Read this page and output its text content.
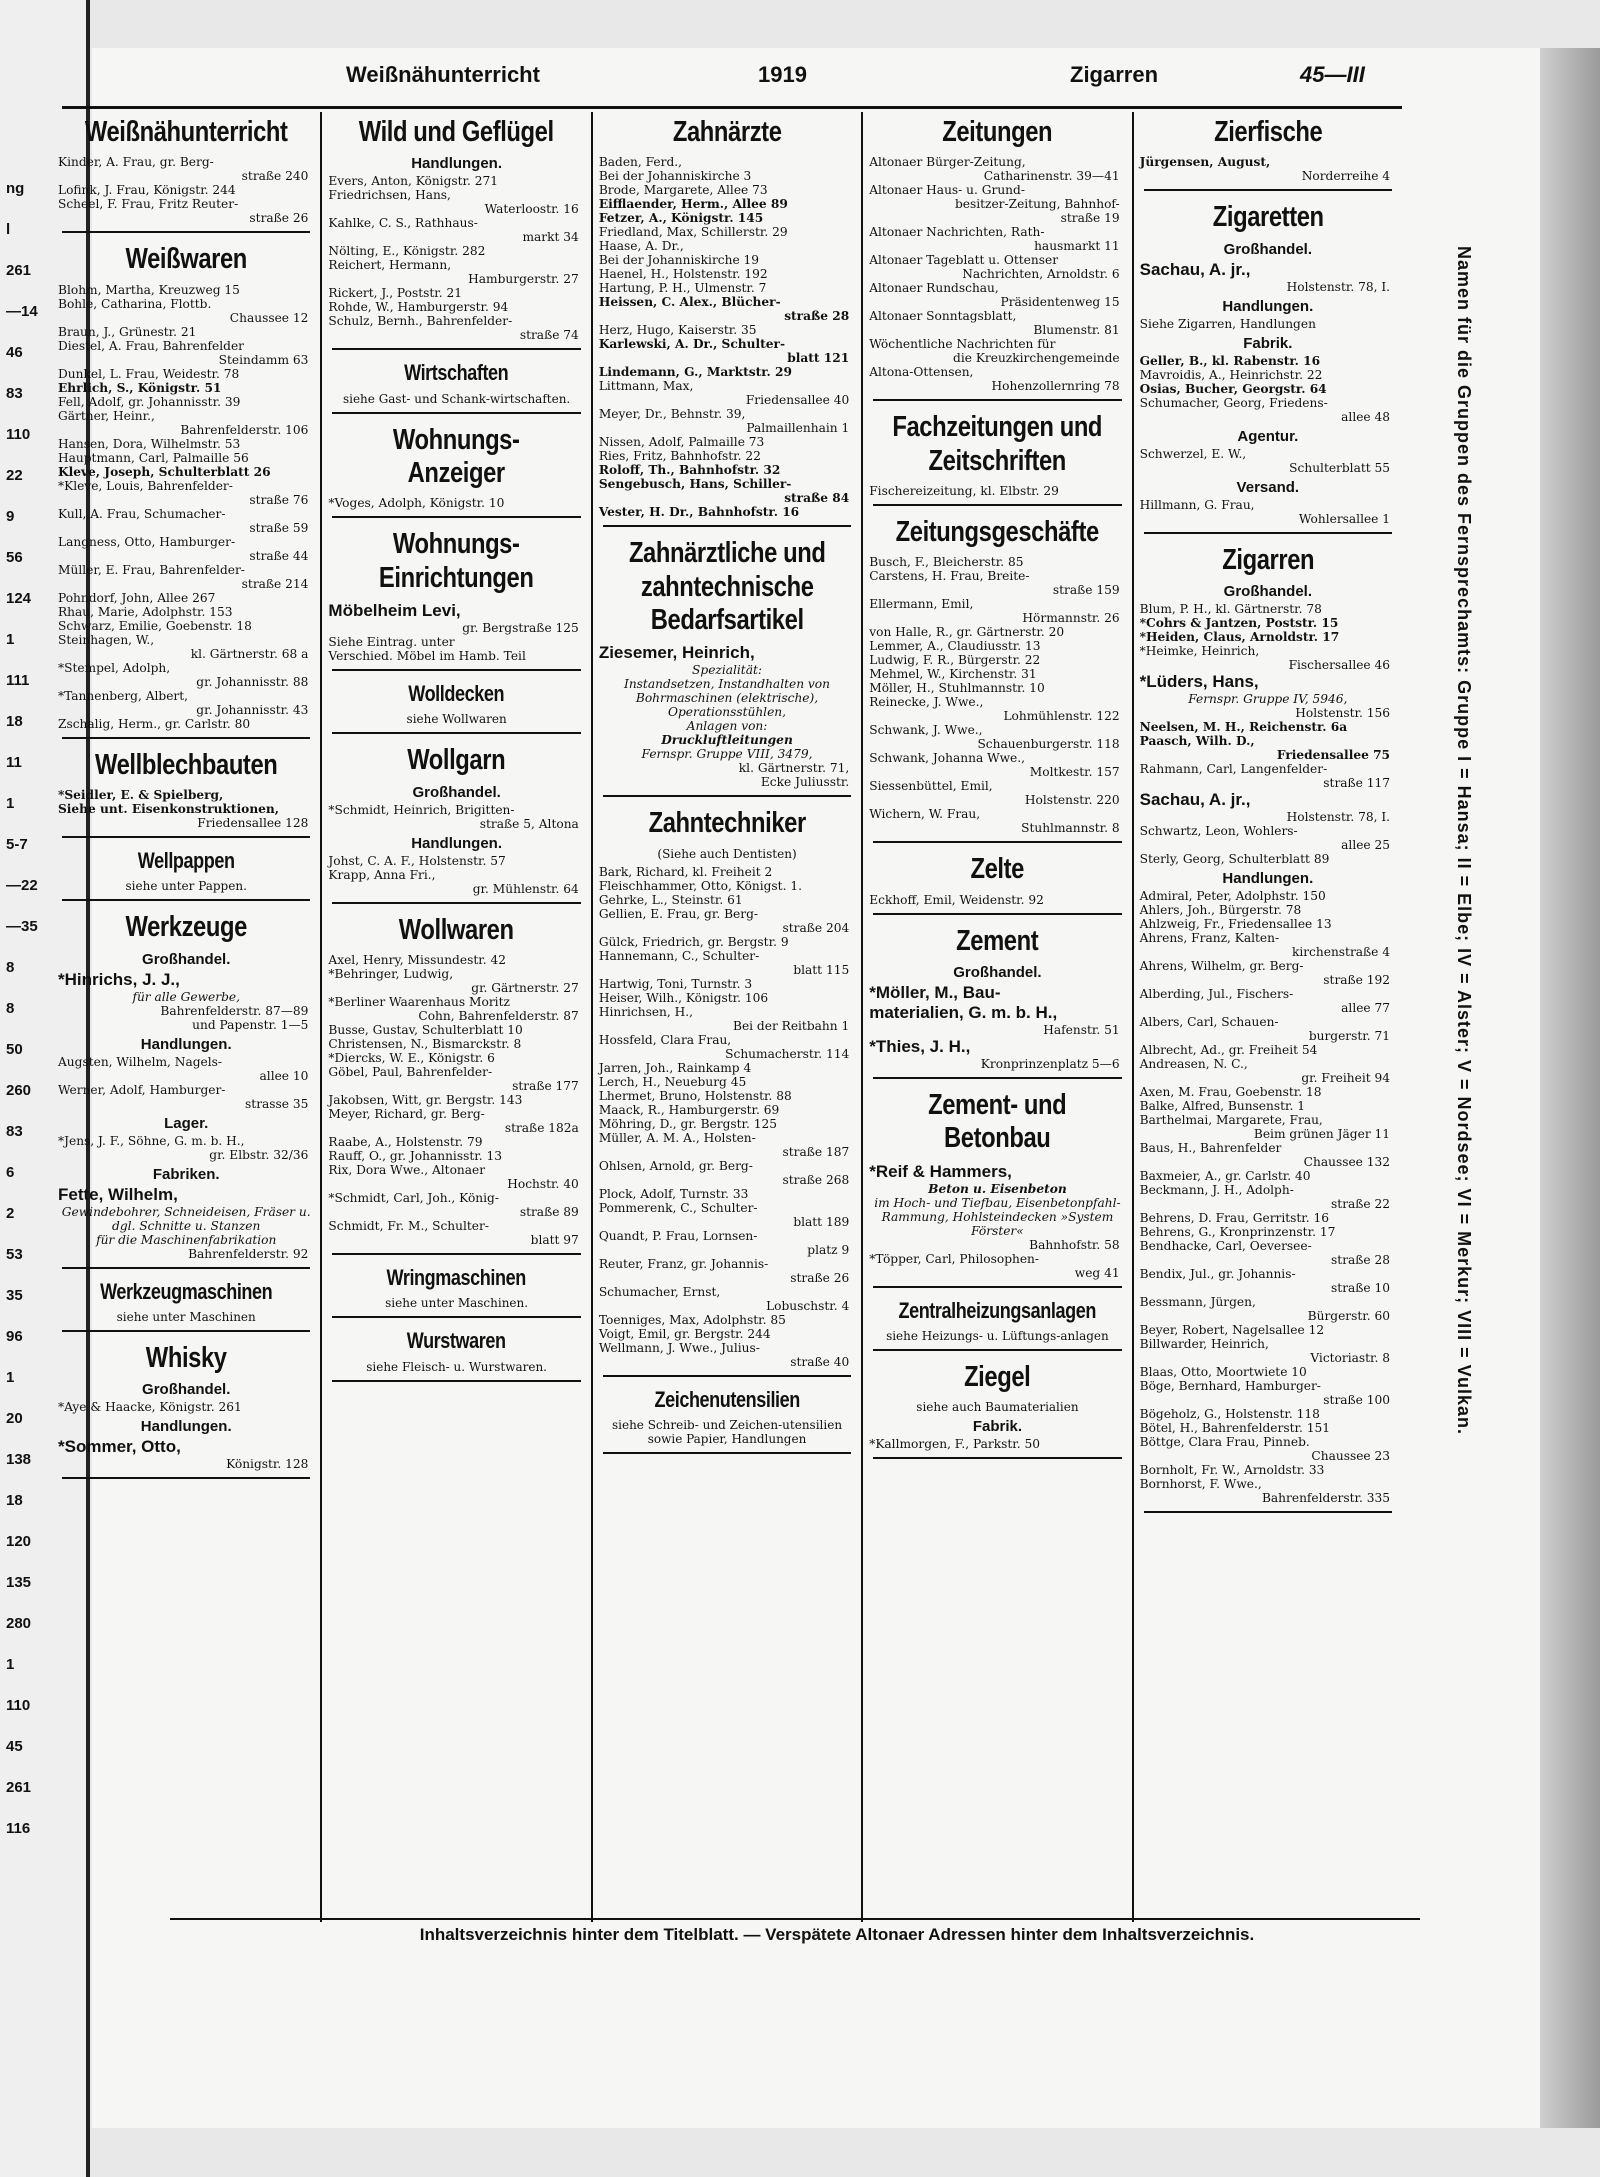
ng
l
261
—14
46
83
110
22
9
56
124
1
111
18
11
1
5-7
—22
—35
8
8
50
260
83
6
2
53
35
96
1
20
138
18
120
135
280
1
110
45
261
116
Weißnähunterricht	1919	Zigarren	45—III
Weißnähunterricht

Kinder, A. Frau, gr. Berg-
straße 240

Lofink, J. Frau, Königstr. 244

Scheel, F. Frau, Fritz Reuter-
straße 26

Weißwaren

Blohm, Martha, Kreuzweg 15

Bohle, Catharina, Flottb.
Chaussee 12

Braun, J., Grünestr. 21

Diestel, A. Frau, Bahrenfelder
Steindamm 63

Dunkel, L. Frau, Weidestr. 78

Ehrlich, S., Königstr. 51

Fell, Adolf, gr. Johannisstr. 39

Gärtner, Heinr.,
Bahrenfelderstr. 106

Hansen, Dora, Wilhelmstr. 53

Hauptmann, Carl, Palmaille 56

Kleve, Joseph, Schulterblatt 26

*Kleve, Louis, Bahrenfelder-
straße 76

Kull, A. Frau, Schumacher-
straße 59

Langness, Otto, Hamburger-
straße 44

Müller, E. Frau, Bahrenfelder-
straße 214

Pohndorf, John, Allee 267

Rhau, Marie, Adolphstr. 153

Schwarz, Emilie, Goebenstr. 18

Steinhagen, W.,
kl. Gärtnerstr. 68 a

*Stempel, Adolph,
gr. Johannisstr. 88

*Tannenberg, Albert,
gr. Johannisstr. 43

Zschalig, Herm., gr. Carlstr. 80

Wellblechbauten

*Seidler, E. & Spielberg,

Siehe unt. Eisenkonstruktionen,

Friedensallee 128

Wellpappen
siehe unter Pappen.
Werkzeuge
Großhandel.

*Hinrichs, J. J.,

für alle Gewerbe,

Bahrenfelderstr. 87—89

und Papenstr. 1—5

Handlungen.

Augsten, Wilhelm, Nagels-
allee 10

Werner, Adolf, Hamburger-
strasse 35

Lager.

*Jens, J. F., Söhne, G. m. b. H.,
gr. Elbstr. 32/36

Fabriken.

Fette, Wilhelm,

Gewindebohrer, Schneideisen, Fräser u. dgl. Schnitte u. Stanzen

für die Maschinenfabrikation

Bahrenfelderstr. 92

Werkzeugmaschinen
siehe unter Maschinen
Whisky
Großhandel.

*Aye & Haacke, Königstr. 261

Handlungen.

*Sommer, Otto,

Königstr. 128

Wild und Geflügel
Handlungen.

Evers, Anton, Königstr. 271

Friedrichsen, Hans,
Waterloostr. 16

Kahlke, C. S., Rathhaus-
markt 34

Nölting, E., Königstr. 282

Reichert, Hermann,
Hamburgerstr. 27

Rickert, J., Poststr. 21

Rohde, W., Hamburgerstr. 94

Schulz, Bernh., Bahrenfelder-
straße 74

Wirtschaften
siehe Gast- und Schank-wirtschaften.
Wohnungs-Anzeiger

*Voges, Adolph, Königstr. 10

Wohnungs-Einrichtungen

Möbelheim Levi,

gr. Bergstraße 125

Siehe Eintrag. unter

Verschied. Möbel im Hamb. Teil

Wolldecken
siehe Wollwaren
Wollgarn
Großhandel.

*Schmidt, Heinrich, Brigitten-
straße 5, Altona

Handlungen.

Johst, C. A. F., Holstenstr. 57

Krapp, Anna Fri.,
gr. Mühlenstr. 64

Wollwaren

Axel, Henry, Missundestr. 42

*Behringer, Ludwig,
gr. Gärtnerstr. 27

*Berliner Waarenhaus Moritz
Cohn, Bahrenfelderstr. 87

Busse, Gustav, Schulterblatt 10

Christensen, N., Bismarckstr. 8

*Diercks, W. E., Königstr. 6

Göbel, Paul, Bahrenfelder-
straße 177

Jakobsen, Witt, gr. Bergstr. 143

Meyer, Richard, gr. Berg-
straße 182a

Raabe, A., Holstenstr. 79

Rauff, O., gr. Johannisstr. 13

Rix, Dora Wwe., Altonaer
Hochstr. 40

*Schmidt, Carl, Joh., König-
straße 89

Schmidt, Fr. M., Schulter-
blatt 97

Wringmaschinen
siehe unter Maschinen.
Wurstwaren
siehe Fleisch- u. Wurstwaren.
Zahnärzte

Baden, Ferd.,

Bei der Johanniskirche 3

Brode, Margarete, Allee 73

Eifflaender, Herm., Allee 89

Fetzer, A., Königstr. 145

Friedland, Max, Schillerstr. 29

Haase, A. Dr.,

Bei der Johanniskirche 19

Haenel, H., Holstenstr. 192

Hartung, P. H., Ulmenstr. 7

Heissen, C. Alex., Blücher-
straße 28

Herz, Hugo, Kaiserstr. 35

Karlewski, A. Dr., Schulter-
blatt 121

Lindemann, G., Marktstr. 29

Littmann, Max,
Friedensallee 40

Meyer, Dr., Behnstr. 39,
Palmaillenhain 1

Nissen, Adolf, Palmaille 73

Ries, Fritz, Bahnhofstr. 22

Roloff, Th., Bahnhofstr. 32

Sengebusch, Hans, Schiller-
straße 84

Vester, H. Dr., Bahnhofstr. 16

Zahnärztliche und zahntechnische Bedarfsartikel

Ziesemer, Heinrich,

Spezialität:

Instandsetzen, Instandhalten von Bohrmaschinen (elektrische), Operationsstühlen,

Anlagen von:

Druckluftleitungen

Fernspr. Gruppe VIII, 3479,

kl. Gärtnerstr. 71,

Ecke Juliusstr.

Zahntechniker
(Siehe auch Dentisten)

Bark, Richard, kl. Freiheit 2

Fleischhammer, Otto, Königst. 1.

Gehrke, L., Steinstr. 61

Gellien, E. Frau, gr. Berg-
straße 204

Gülck, Friedrich, gr. Bergstr. 9

Hannemann, C., Schulter-
blatt 115

Hartwig, Toni, Turnstr. 3

Heiser, Wilh., Königstr. 106

Hinrichsen, H.,
Bei der Reitbahn 1

Hossfeld, Clara Frau,
Schumacherstr. 114

Jarren, Joh., Rainkamp 4

Lerch, H., Neueburg 45

Lhermet, Bruno, Holstenstr. 88

Maack, R., Hamburgerstr. 69

Möhring, D., gr. Bergstr. 125

Müller, A. M. A., Holsten-
straße 187

Ohlsen, Arnold, gr. Berg-
straße 268

Plock, Adolf, Turnstr. 33

Pommerenk, C., Schulter-
blatt 189

Quandt, P. Frau, Lornsen-
platz 9

Reuter, Franz, gr. Johannis-
straße 26

Schumacher, Ernst,
Lobuschstr. 4

Toenniges, Max, Adolphstr. 85

Voigt, Emil, gr. Bergstr. 244

Wellmann, J. Wwe., Julius-
straße 40

Zeichenutensilien
siehe Schreib- und Zeichen-utensilien sowie Papier, Handlungen
Zeitungen

Altonaer Bürger-Zeitung,
Catharinenstr. 39—41

Altonaer Haus- u. Grund-
besitzer-Zeitung, Bahnhof-

straße 19

Altonaer Nachrichten, Rath-
hausmarkt 11

Altonaer Tageblatt u. Ottenser
Nachrichten, Arnoldstr. 6

Altonaer Rundschau,
Präsidentenweg 15

Altonaer Sonntagsblatt,
Blumenstr. 81

Wöchentliche Nachrichten für
die Kreuzkirchengemeinde

Altona-Ottensen,
Hohenzollernring 78

Fachzeitungen und Zeitschriften

Fischereizeitung, kl. Elbstr. 29

Zeitungsgeschäfte

Busch, F., Bleicherstr. 85

Carstens, H. Frau, Breite-
straße 159

Ellermann, Emil,
Hörmannstr. 26

von Halle, R., gr. Gärtnerstr. 20

Lemmer, A., Claudiusstr. 13

Ludwig, F. R., Bürgerstr. 22

Mehmel, W., Kirchenstr. 31

Möller, H., Stuhlmannstr. 10

Reinecke, J. Wwe.,
Lohmühlenstr. 122

Schwank, J. Wwe.,
Schauenburgerstr. 118

Schwank, Johanna Wwe.,
Moltkestr. 157

Siessenbüttel, Emil,
Holstenstr. 220

Wichern, W. Frau,
Stuhlmannstr. 8

Zelte

Eckhoff, Emil, Weidenstr. 92

Zement
Großhandel.

*Möller, M., Bau-

materialien, G. m. b. H.,

Hafenstr. 51

*Thies, J. H.,

Kronprinzenplatz 5—6

Zement- und Betonbau

*Reif & Hammers,

Beton u. Eisenbeton

im Hoch- und Tiefbau, Eisenbetonpfahl-Rammung, Hohlsteindecken »System Förster«

Bahnhofstr. 58

*Töpper, Carl, Philosophen-
weg 41

Zentralheizungsanlagen
siehe Heizungs- u. Lüftungs-anlagen
Ziegel
siehe auch Baumaterialien
Fabrik.

*Kallmorgen, F., Parkstr. 50

Zierfische

Jürgensen, August,

Norderreihe 4

Zigaretten
Großhandel.

Sachau, A. jr.,

Holstenstr. 78, I.

Handlungen.

Siehe Zigarren, Handlungen

Fabrik.

Geller, B., kl. Rabenstr. 16

Mavroidis, A., Heinrichstr. 22

Osias, Bucher, Georgstr. 64

Schumacher, Georg, Friedens-
allee 48

Agentur.

Schwerzel, E. W.,
Schulterblatt 55

Versand.

Hillmann, G. Frau,
Wohlersallee 1

Zigarren
Großhandel.

Blum, P. H., kl. Gärtnerstr. 78

*Cohrs & Jantzen, Poststr. 15

*Heiden, Claus, Arnoldstr. 17

*Heimke, Heinrich,
Fischersallee 46

*Lüders, Hans,

Fernspr. Gruppe IV, 5946,

Holstenstr. 156

Neelsen, M. H., Reichenstr. 6a

Paasch, Wilh. D.,
Friedensallee 75

Rahmann, Carl, Langenfelder-
straße 117

Sachau, A. jr.,

Holstenstr. 78, I.

Schwartz, Leon, Wohlers-
allee 25

Sterly, Georg, Schulterblatt 89

Handlungen.

Admiral, Peter, Adolphstr. 150

Ahlers, Joh., Bürgerstr. 78

Ahlzweig, Fr., Friedensallee 13

Ahrens, Franz, Kalten-
kirchenstraße 4

Ahrens, Wilhelm, gr. Berg-
straße 192

Alberding, Jul., Fischers-
allee 77

Albers, Carl, Schauen-
burgerstr. 71

Albrecht, Ad., gr. Freiheit 54

Andreasen, N. C.,
gr. Freiheit 94

Axen, M. Frau, Goebenstr. 18

Balke, Alfred, Bunsenstr. 1

Barthelmai, Margarete, Frau,
Beim grünen Jäger 11

Baus, H., Bahrenfelder
Chaussee 132

Baxmeier, A., gr. Carlstr. 40

Beckmann, J. H., Adolph-
straße 22

Behrens, D. Frau, Gerritstr. 16

Behrens, G., Kronprinzenstr. 17

Bendhacke, Carl, Oeversee-
straße 28

Bendix, Jul., gr. Johannis-
straße 10

Bessmann, Jürgen,
Bürgerstr. 60

Beyer, Robert, Nagelsallee 12

Billwarder, Heinrich,
Victoriastr. 8

Blaas, Otto, Moortwiete 10

Böge, Bernhard, Hamburger-
straße 100

Bögeholz, G., Holstenstr. 118

Bötel, H., Bahrenfelderstr. 151

Böttge, Clara Frau, Pinneb.
Chaussee 23

Bornholt, Fr. W., Arnoldstr. 33

Bornhorst, F. Wwe.,
Bahrenfelderstr. 335

Namen für die Gruppen des Fernsprechamts: Gruppe I = Hansa; II = Elbe; IV = Alster; V = Nordsee; VI = Merkur; VIII = Vulkan.
Inhaltsverzeichnis hinter dem Titelblatt. — Verspätete Altonaer Adressen hinter dem Inhaltsverzeichnis.
